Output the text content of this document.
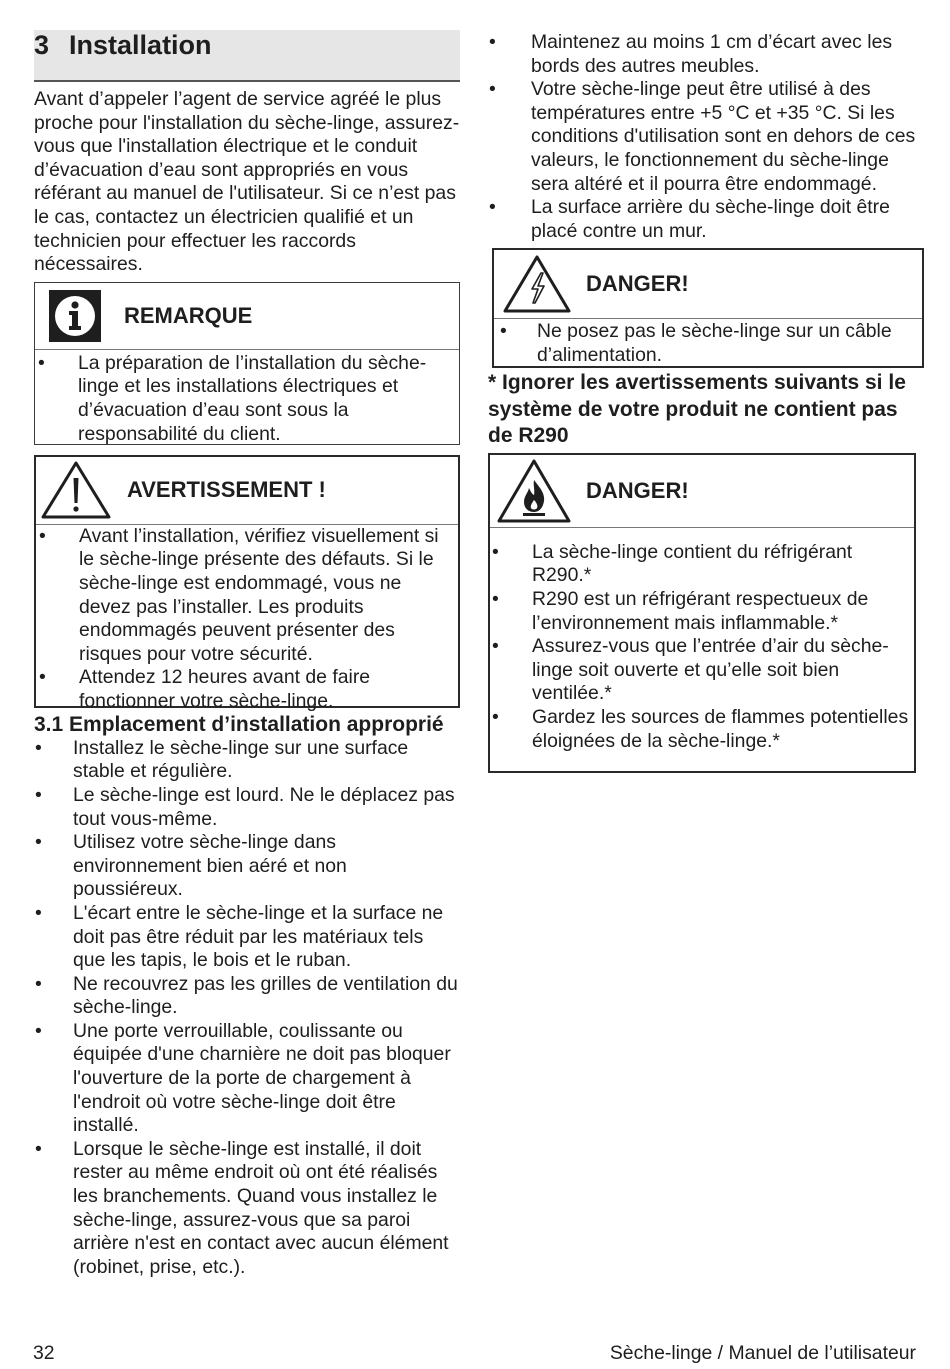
3 Installation

Avant d’appeler l’agent de service agréé le plus proche pour l'installation du sèche-linge, assurez-vous que l'installation électrique et le conduit d’évacuation d’eau sont appropriés en vous référant au manuel de l'utilisateur. Si ce n’est pas le cas, contactez un électricien qualifié et un technicien pour effectuer les raccords nécessaires.

REMARQUE
• La préparation de l’installation du sèche-linge et les installations électriques et d’évacuation d’eau sont sous la responsabilité du client.
AVERTISSEMENT !
• Avant l’installation, vérifiez visuellement si le sèche-linge présente des défauts. Si le sèche-linge est endommagé, vous ne devez pas l’installer. Les produits endommagés peuvent présenter des risques pour votre sécurité.
• Attendez 12 heures avant de faire fonctionner votre sèche-linge.
3.1 Emplacement d’installation approprié
• Installez le sèche-linge sur une surface stable et régulière.
• Le sèche-linge est lourd. Ne le déplacez pas tout vous-même.
• Utilisez votre sèche-linge dans environnement bien aéré et non poussiéreux.
• L'écart entre le sèche-linge et la surface ne doit pas être réduit par les matériaux tels que les tapis, le bois et le ruban.
• Ne recouvrez pas les grilles de ventilation du sèche-linge.
• Une porte verrouillable, coulissante ou équipée d'une charnière ne doit pas bloquer l'ouverture de la porte de chargement à l'endroit où votre sèche-linge doit être installé.
• Lorsque le sèche-linge est installé, il doit rester au même endroit où ont été réalisés les branchements. Quand vous installez le sèche-linge, assurez-vous que sa paroi arrière n'est en contact avec aucun élément (robinet, prise, etc.).
• Maintenez au moins 1 cm d’écart avec les bords des autres meubles.
• Votre sèche-linge peut être utilisé à des températures entre +5 °C et +35 °C. Si les conditions d'utilisation sont en dehors de ces valeurs, le fonctionnement du sèche-linge sera altéré et il pourra être endommagé.
• La surface arrière du sèche-linge doit être placé contre un mur.
DANGER!
• Ne posez pas le sèche-linge sur un câble d’alimentation.
* Ignorer les avertissements suivants si le système de votre produit ne contient pas de R290
DANGER!
• La sèche-linge contient du réfrigérant R290.*
• R290 est un réfrigérant respectueux de l’environnement mais inflammable.*
• Assurez-vous que l’entrée d’air du sèche-linge soit ouverte et qu’elle soit bien ventilée.*
• Gardez les sources de flammes potentielles éloignées de la sèche-linge.*
32	Sèche-linge / Manuel de l’utilisateur
